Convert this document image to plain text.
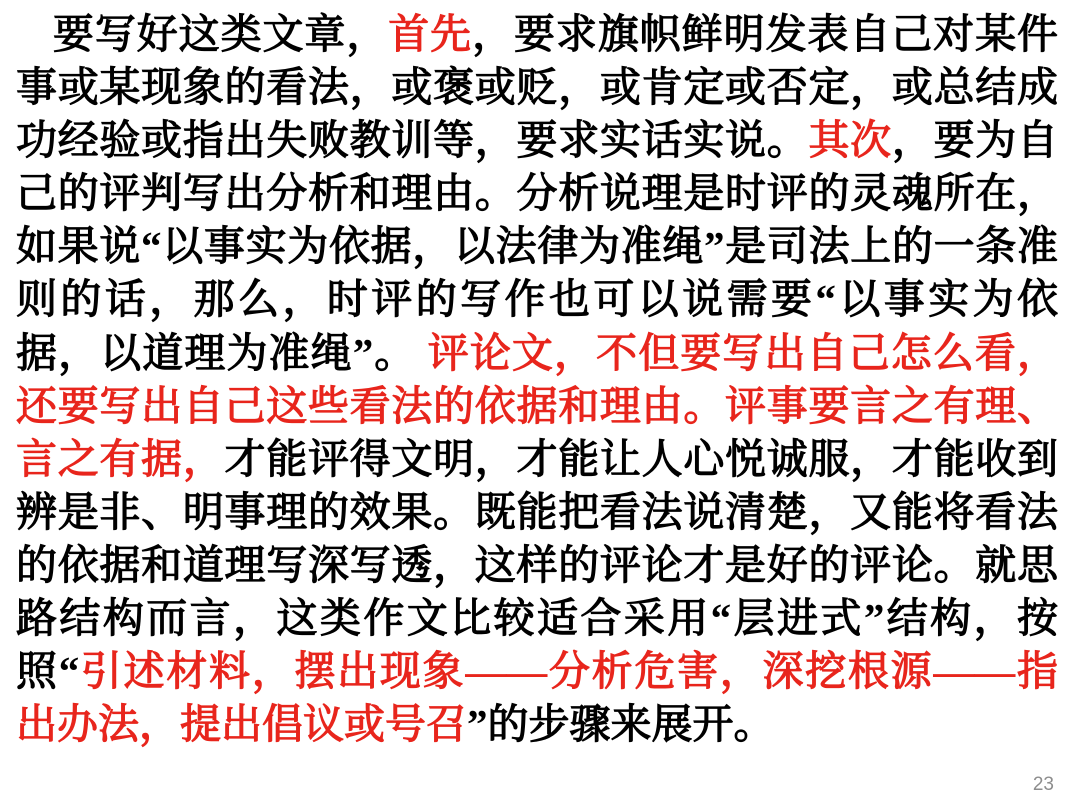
要写好这类文章，首先，要求旗帜鲜明发表自己对某件事或某现象的看法，或褒或贬，或肯定或否定，或总结成功经验或指出失败教训等，要求实话实说。其次，要为自己的评判写出分析和理由。分析说理是时评的灵魂所在，如果说“以事实为依据，以法律为准绳”是司法上的一条准则的话，那么，时评的写作也可以说需要“以事实为依据，以道理为准绳”。 评论文，不但要写出自己怎么看，还要写出自己这些看法的依据和理由。评事要言之有理、言之有据，才能评得文明，才能让人心悦诚服，才能收到辨是非、明事理的效果。既能把看法说清楚，又能将看法的依据和道理写深写透，这样的评论才是好的评论。就思路结构而言，这类作文比较适合采用“层进式”结构，按照“引述材料，摆出现象——分析危害，深挖根源——指出办法，提出倡议或号召”的步骤来展开。
23
